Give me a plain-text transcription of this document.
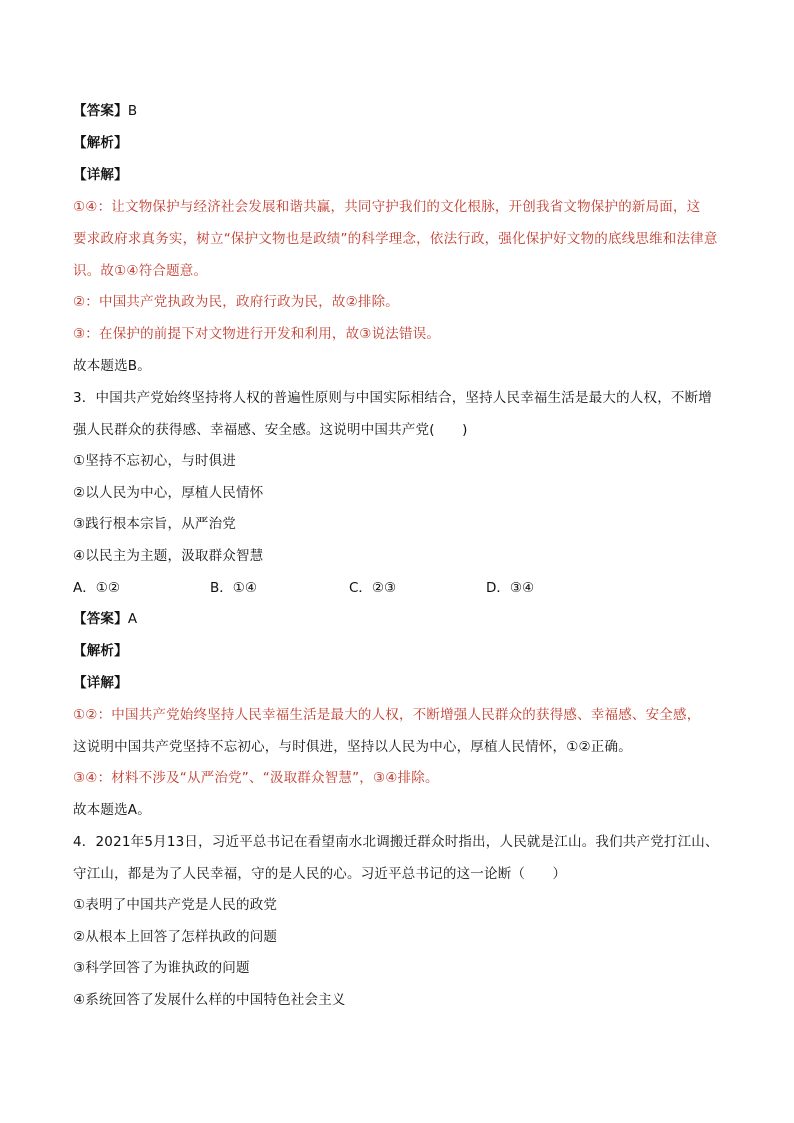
【答案】B
【解析】
【详解】
①④：让文物保护与经济社会发展和谐共赢，共同守护我们的文化根脉，开创我省文物保护的新局面，这
要求政府求真务实，树立“保护文物也是政绩”的科学理念，依法行政，强化保护好文物的底线思维和法律意
识。故①④符合题意。
②：中国共产党执政为民，政府行政为民，故②排除。
③：在保护的前提下对文物进行开发和利用，故③说法错误。
故本题选B。
3．中国共产党始终坚持将人权的普遍性原则与中国实际相结合，坚持人民幸福生活是最大的人权，不断增
强人民群众的获得感、幸福感、安全感。这说明中国共产党(　　)
①坚持不忘初心，与时俱进
②以人民为中心，厚植人民情怀
③践行根本宗旨，从严治党
④以民主为主题，汲取群众智慧
A．①②	B．①④	C．②③	D．③④
【答案】A
【解析】
【详解】
①②：中国共产党始终坚持人民幸福生活是最大的人权，不断增强人民群众的获得感、幸福感、安全感，
这说明中国共产党坚持不忘初心，与时俱进，坚持以人民为中心，厚植人民情怀，①②正确。
③④：材料不涉及“从严治党”、“汲取群众智慧”，③④排除。
故本题选A。
4．2021年5月13日，习近平总书记在看望南水北调搬迁群众时指出，人民就是江山。我们共产党打江山、
守江山，都是为了人民幸福，守的是人民的心。习近平总书记的这一论断（　　）
①表明了中国共产党是人民的政党
②从根本上回答了怎样执政的问题
③科学回答了为谁执政的问题
④系统回答了发展什么样的中国特色社会主义
